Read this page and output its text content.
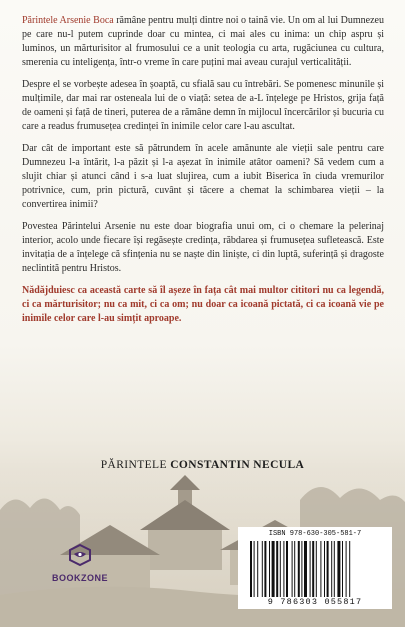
Părintele Arsenie Boca rămâne pentru mulți dintre noi o taină vie. Un om al lui Dumnezeu pe care nu-l putem cuprinde doar cu mintea, ci mai ales cu inima: un chip aspru și luminos, un mărturisitor al frumosului ce a unit teologia cu arta, rugăciunea cu cultura, smerenia cu inteligența, într-o vreme în care puțini mai aveau curajul verticalității.

Despre el se vorbește adesea în șoaptă, cu sfială sau cu întrebări. Se pomenesc minunile și mulțimile, dar mai rar osteneala lui de o viață: setea de a-L înțelege pe Hristos, grija față de oameni și față de tineri, puterea de a rămâne demn în mijlocul încercărilor și bucuria cu care a readus frumusețea credinței în inimile celor care l-au ascultat.

Dar cât de important este să pătrundem în acele amănunte ale vieții sale pentru care Dumnezeu l-a întărit, l-a păzit și l-a așezat în inimile atâtor oameni? Să vedem cum a slujit chiar și atunci când i s-a luat slujirea, cum a iubit Biserica în ciuda vremurilor potrivnice, cum, prin pictură, cuvânt și tăcere a chemat la schimbarea vieții – la convertirea inimii?

Povestea Părintelui Arsenie nu este doar biografia unui om, ci o chemare la pelerinaj interior, acolo unde fiecare își regăsește credința, răbdarea și frumusețea sufletească. Este invitația de a înțelege că sfințenia nu se naște din liniște, ci din luptă, suferință și dragoste neclintită pentru Hristos.

Nădăjduiesc ca această carte să îl așeze în fața cât mai multor cititori nu ca legendă, ci ca mărturisitor; nu ca mit, ci ca om; nu doar ca icoană pictată, ci ca icoană vie pe inimile celor care l-au simțit aproape.

PĂRINTELE CONSTANTIN NECULA
BOOKZONE
ISBN 978-630-305-581-7
9 786303 055817
